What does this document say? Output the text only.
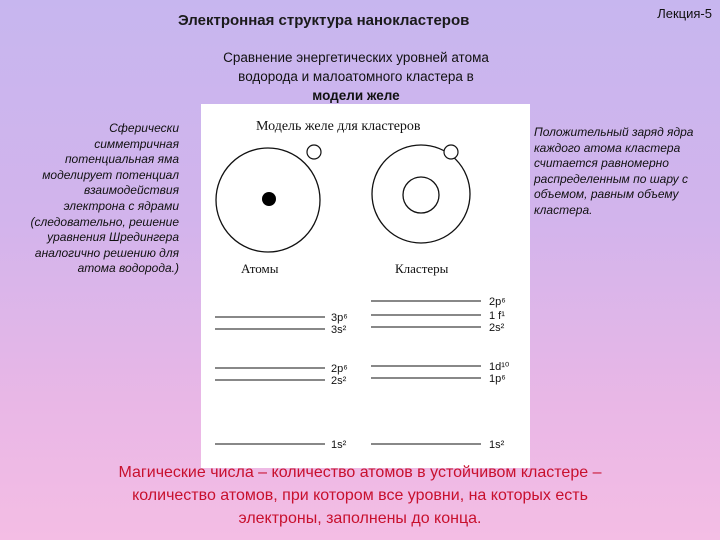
Электронная структура нанокластеров	Лекция-5
Сравнение энергетических уровней атома
водорода и малоатомного кластера в
модели желе
Сферически симметричная потенциальная яма моделирует потенциал взаимодействия электрона с ядрами (следовательно, решение уравнения Шредингера аналогично решению для атома водорода.)
Положительный заряд ядра каждого атома кластера считается равномерно распределенным по шару с объемом, равным объему кластера.
Модель желе для кластеров
Атомы	Кластеры
3p⁶
3s²
2p⁶
2s²
1s²
2p⁶
1 f¹
2s²
1d¹⁰
1p⁶
1s²
Магические числа – количество атомов в устойчивом кластере –
количество атомов, при котором все уровни, на которых есть
электроны, заполнены до конца.
